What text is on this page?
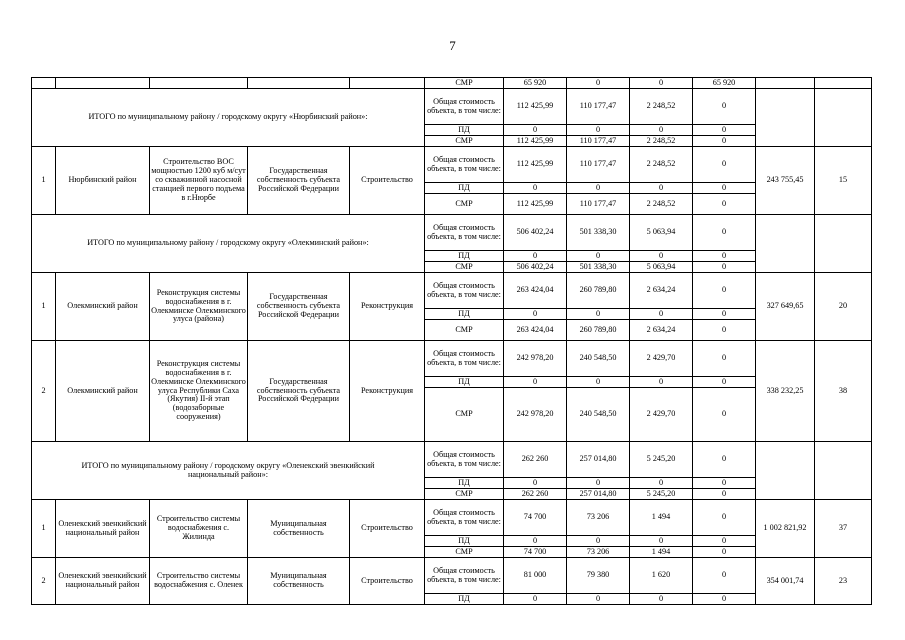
7
					СМР	65 920	0	0	65 920		
ИТОГО по муниципальному району / городскому округу «Нюрбинский район»:					Общая стоимость объекта, в том числе:	112 425,99	110 177,47	2 248,52	0		
					ПД	0	0	0	0		
					СМР	112 425,99	110 177,47	2 248,52	0		
1	Нюрбинский район	Строительство ВОС мощностью 1200 куб м/сут со скважинной насосной станцией первого подъема в г.Нюрбе	Государственная собственность субъекта Российской Федерации	Строительство	Общая стоимость объекта, в том числе:	112 425,99	110 177,47	2 248,52	0	243 755,45	15
					ПД	0	0	0	0		
					СМР	112 425,99	110 177,47	2 248,52	0		
ИТОГО по муниципальному району / городскому округу «Олекминский район»:					Общая стоимость объекта, в том числе:	506 402,24	501 338,30	5 063,94	0		
					ПД	0	0	0	0		
					СМР	506 402,24	501 338,30	5 063,94	0		
1	Олекминский район	Реконструкция системы водоснабжения в г. Олекминске Олекминского улуса (района)	Государственная собственность субъекта Российской Федерации	Реконструкция	Общая стоимость объекта, в том числе:	263 424,04	260 789,80	2 634,24	0	327 649,65	20
					ПД	0	0	0	0		
					СМР	263 424,04	260 789,80	2 634,24	0		
2	Олекминский район	Реконструкция системы водоснабжения в г. Олекминске Олекминского улуса Республики Саха (Якутия) II-й этап (водозаборные сооружения)	Государственная собственность субъекта Российской Федерации	Реконструкция	Общая стоимость объекта, в том числе:	242 978,20	240 548,50	2 429,70	0	338 232,25	38
					ПД	0	0	0	0		
					СМР	242 978,20	240 548,50	2 429,70	0		

ИТОГО по муниципальному району / городскому округу «Оленекский эвенкийский
национальный район»:					Общая стоимость объекта, в том числе:	262 260	257 014,80	5 245,20	0		
					ПД	0	0	0	0		
					СМР	262 260	257 014,80	5 245,20	0		
1	Оленекский эвенкийский национальный район	Строительство системы водоснабжения с. Жилинда	Муниципальная собственность	Строительство	Общая стоимость объекта, в том числе:	74 700	73 206	1 494	0	1 002 821,92	37
					ПД	0	0	0	0		
					СМР	74 700	73 206	1 494	0		
2	Оленекский эвенкийский национальный район	Строительство системы водоснабжения с. Оленек	Муниципальная собственность	Строительство	Общая стоимость объекта, в том числе:	81 000	79 380	1 620	0	354 001,74	23
					ПД	0	0	0	0		
